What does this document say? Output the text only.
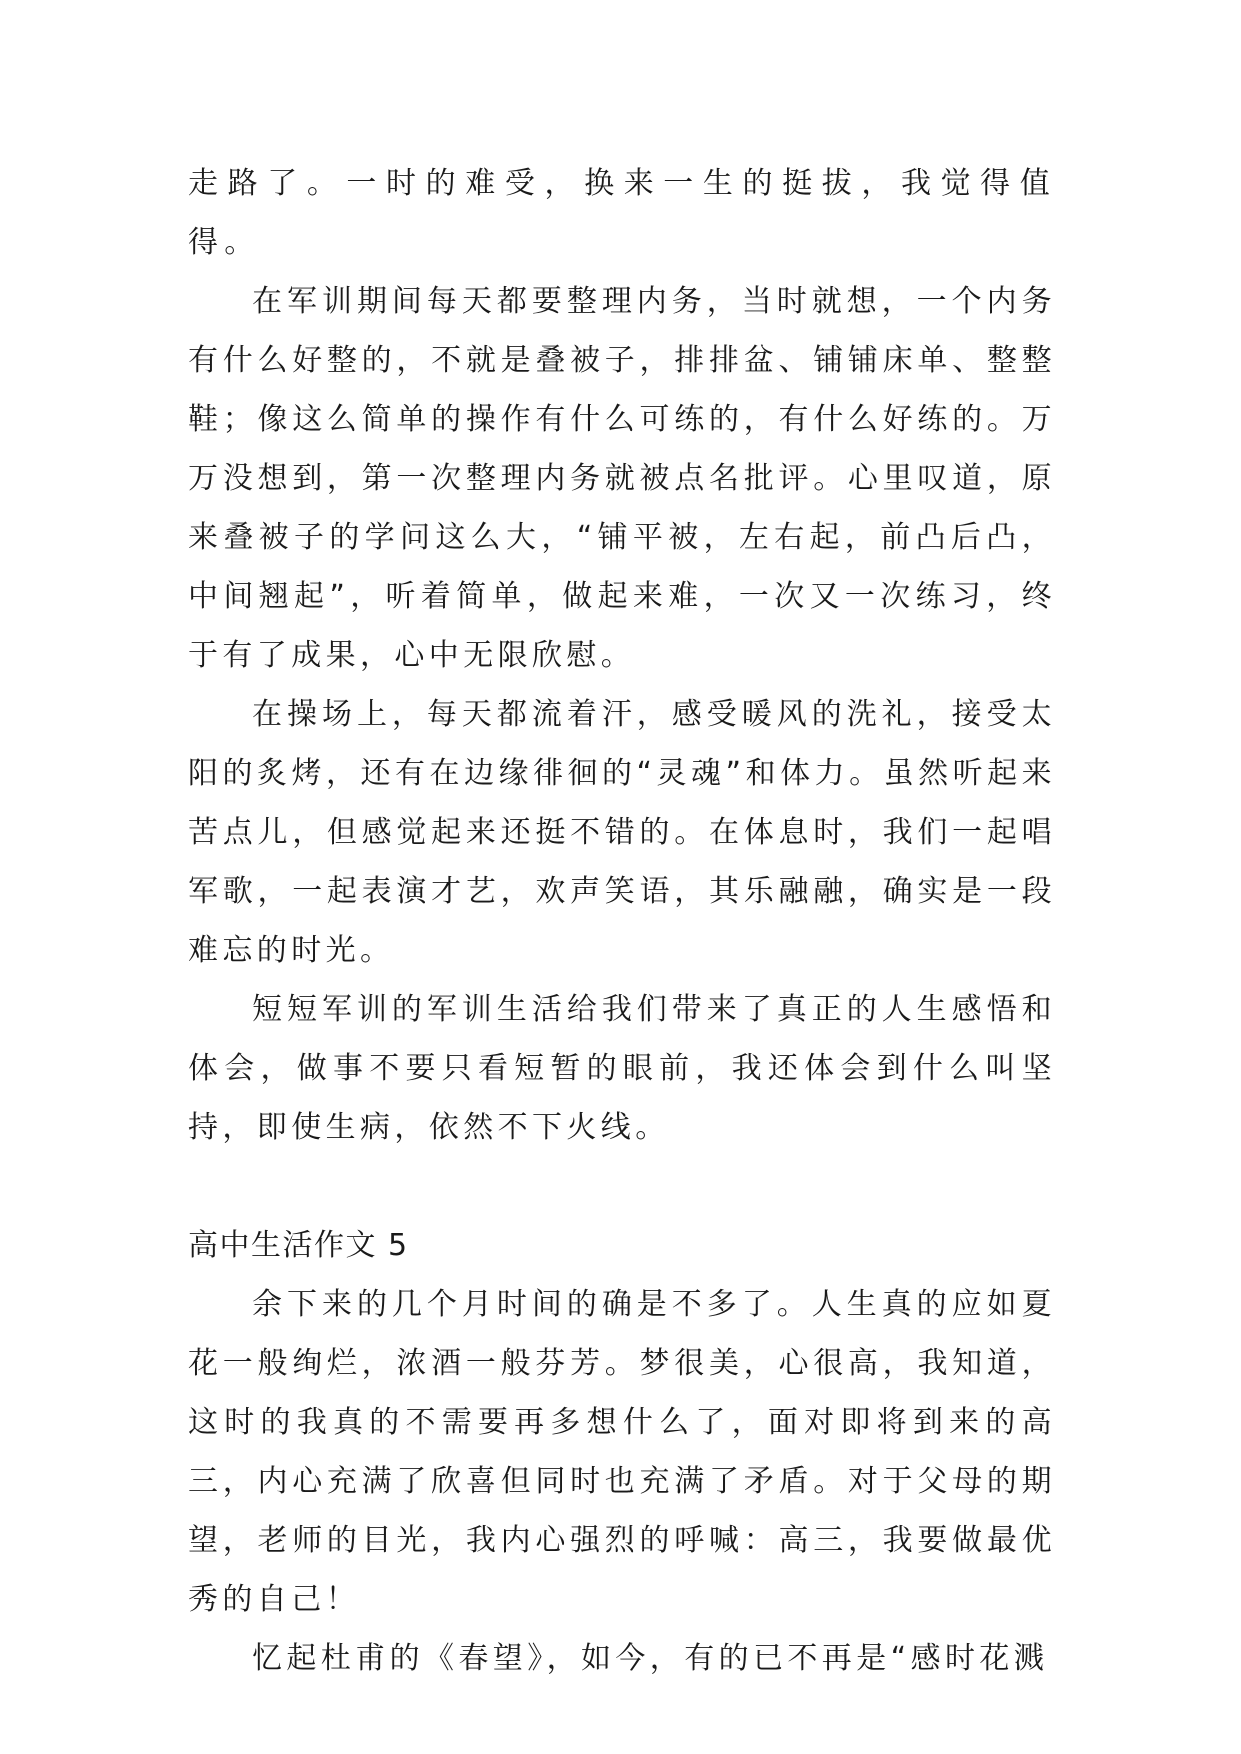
走路了。一时的难受，换来一生的挺拔，我觉得值得。

在军训期间每天都要整理内务，当时就想，一个内务有什么好整的，不就是叠被子，排排盆、铺铺床单、整整鞋；像这么简单的操作有什么可练的，有什么好练的。万万没想到，第一次整理内务就被点名批评。心里叹道，原来叠被子的学问这么大，“铺平被，左右起，前凸后凸，中间翘起”，听着简单，做起来难，一次又一次练习，终于有了成果，心中无限欣慰。

在操场上，每天都流着汗，感受暖风的洗礼，接受太阳的炙烤，还有在边缘徘徊的“灵魂”和体力。虽然听起来苦点儿，但感觉起来还挺不错的。在体息时，我们一起唱军歌，一起表演才艺，欢声笑语，其乐融融，确实是一段难忘的时光。

短短军训的军训生活给我们带来了真正的人生感悟和体会，做事不要只看短暂的眼前，我还体会到什么叫坚持，即使生病，依然不下火线。

高中生活作文 5

余下来的几个月时间的确是不多了。人生真的应如夏花一般绚烂，浓酒一般芬芳。梦很美，心很高，我知道，这时的我真的不需要再多想什么了，面对即将到来的高三，内心充满了欣喜但同时也充满了矛盾。对于父母的期望，老师的目光，我内心强烈的呼喊：高三，我要做最优秀的自己！

忆起杜甫的《春望》，如今，有的已不再是“感时花溅
